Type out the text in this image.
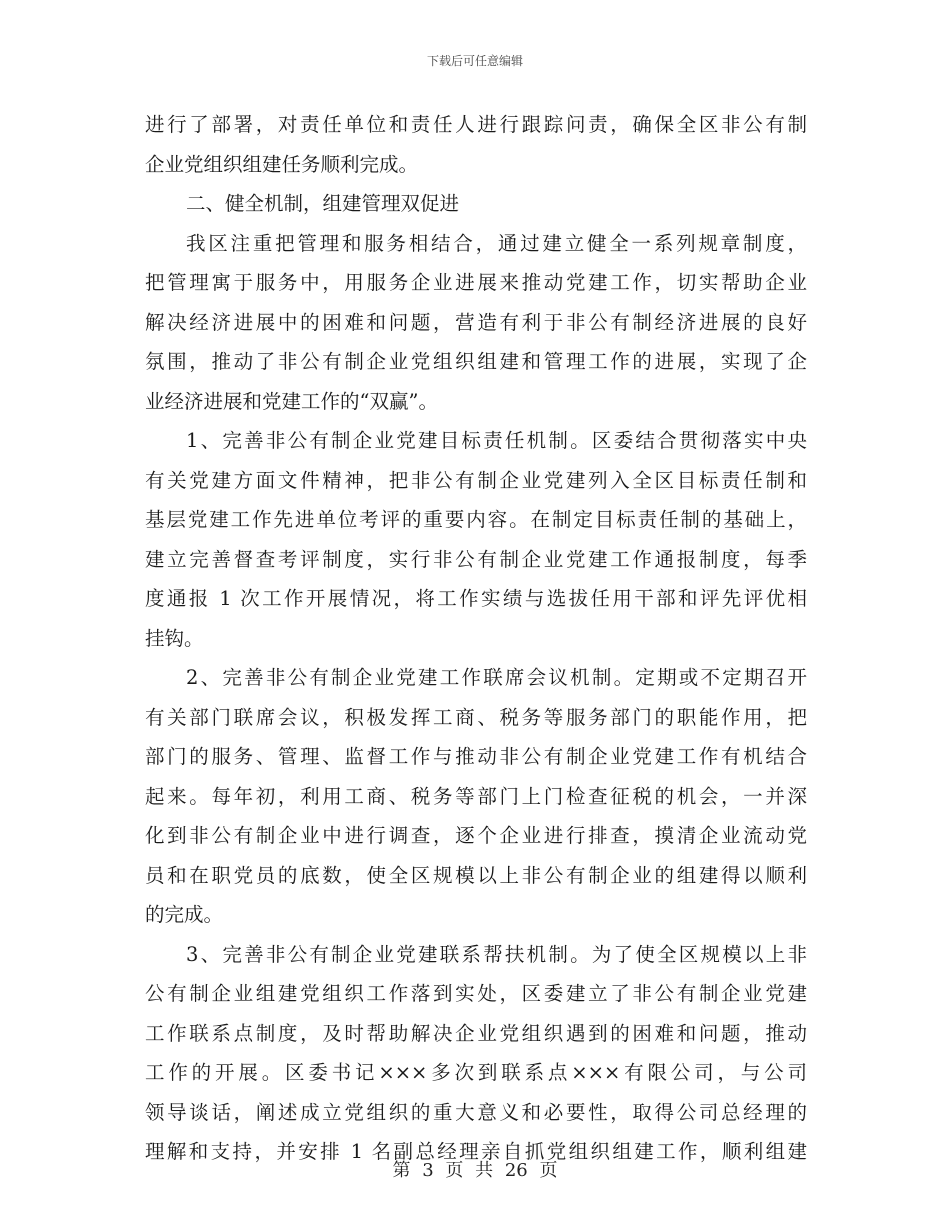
下载后可任意编辑
进行了部署，对责任单位和责任人进行跟踪问责，确保全区非公有制
企业党组织组建任务顺利完成。
二、健全机制，组建管理双促进
我区注重把管理和服务相结合，通过建立健全一系列规章制度，
把管理寓于服务中，用服务企业进展来推动党建工作，切实帮助企业
解决经济进展中的困难和问题，营造有利于非公有制经济进展的良好
氛围，推动了非公有制企业党组织组建和管理工作的进展，实现了企
业经济进展和党建工作的“双赢”。
1、完善非公有制企业党建目标责任机制。区委结合贯彻落实中央
有关党建方面文件精神，把非公有制企业党建列入全区目标责任制和
基层党建工作先进单位考评的重要内容。在制定目标责任制的基础上，
建立完善督查考评制度，实行非公有制企业党建工作通报制度，每季
度通报 1 次工作开展情况，将工作实绩与选拔任用干部和评先评优相
挂钩。
2、完善非公有制企业党建工作联席会议机制。定期或不定期召开
有关部门联席会议，积极发挥工商、税务等服务部门的职能作用，把
部门的服务、管理、监督工作与推动非公有制企业党建工作有机结合
起来。每年初，利用工商、税务等部门上门检查征税的机会，一并深
化到非公有制企业中进行调查，逐个企业进行排查，摸清企业流动党
员和在职党员的底数，使全区规模以上非公有制企业的组建得以顺利
的完成。
3、完善非公有制企业党建联系帮扶机制。为了使全区规模以上非
公有制企业组建党组织工作落到实处，区委建立了非公有制企业党建
工作联系点制度，及时帮助解决企业党组织遇到的困难和问题，推动
工作的开展。区委书记×××多次到联系点×××有限公司，与公司
领导谈话，阐述成立党组织的重大意义和必要性，取得公司总经理的
理解和支持，并安排 1 名副总经理亲自抓党组织组建工作，顺利组建
第 3 页 共 26 页
